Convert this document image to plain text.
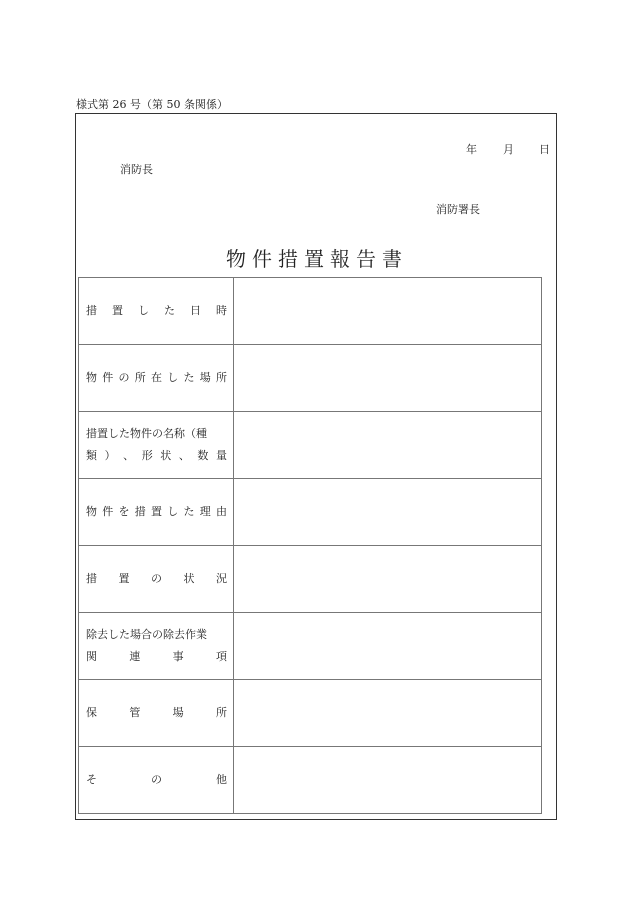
様式第 26 号（第 50 条関係）
年 月 日
消防長
消防署長
物件措置報告書
措 置 し た 日 時

物 件 の 所 在 し た 場 所

措置した物件の名称（種
類 ） 、 形 状 、 数 量

物 件 を 措 置 し た 理 由

措 置 の 状 況	

除去した場合の除去作業
関 連 事 項	

保 管 場 所	

そ の 他	
